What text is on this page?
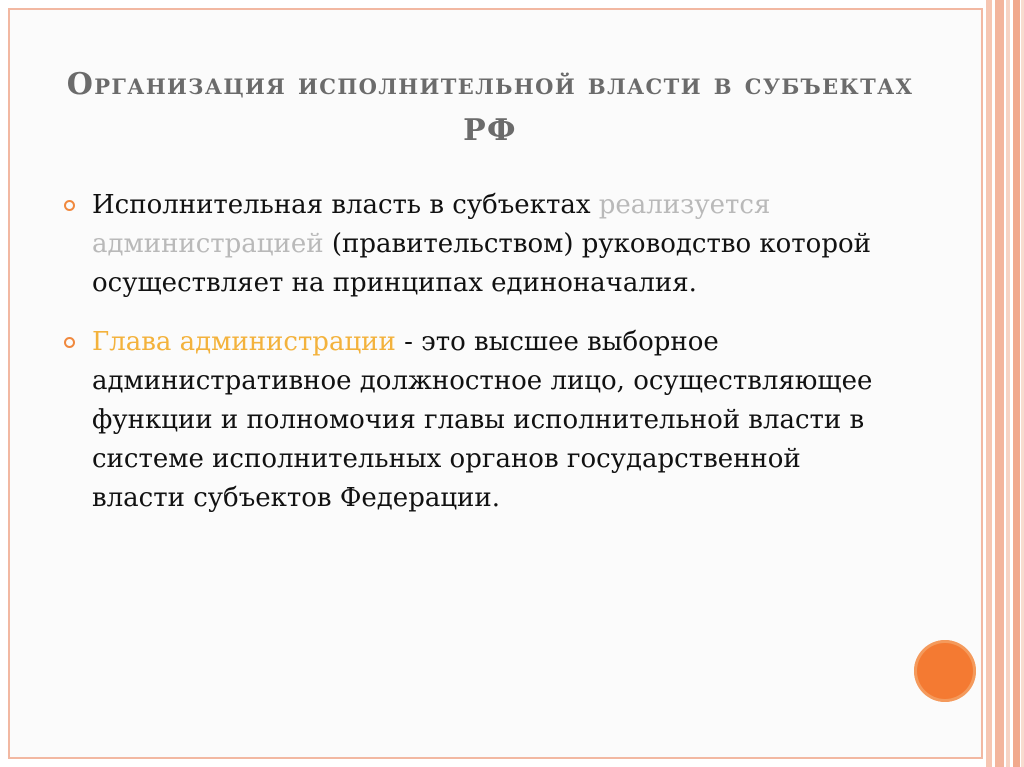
Организация исполнительной власти в субъектах РФ

Исполнительная власть в субъектах реализуется администрацией (правительством) руководство которой осуществляет на принципах единоначалия.

Глава администрации - это высшее выборное административное должностное лицо, осуществляющее функции и полномочия главы исполнительной власти в системе исполнительных органов государственной власти субъектов Федерации.
